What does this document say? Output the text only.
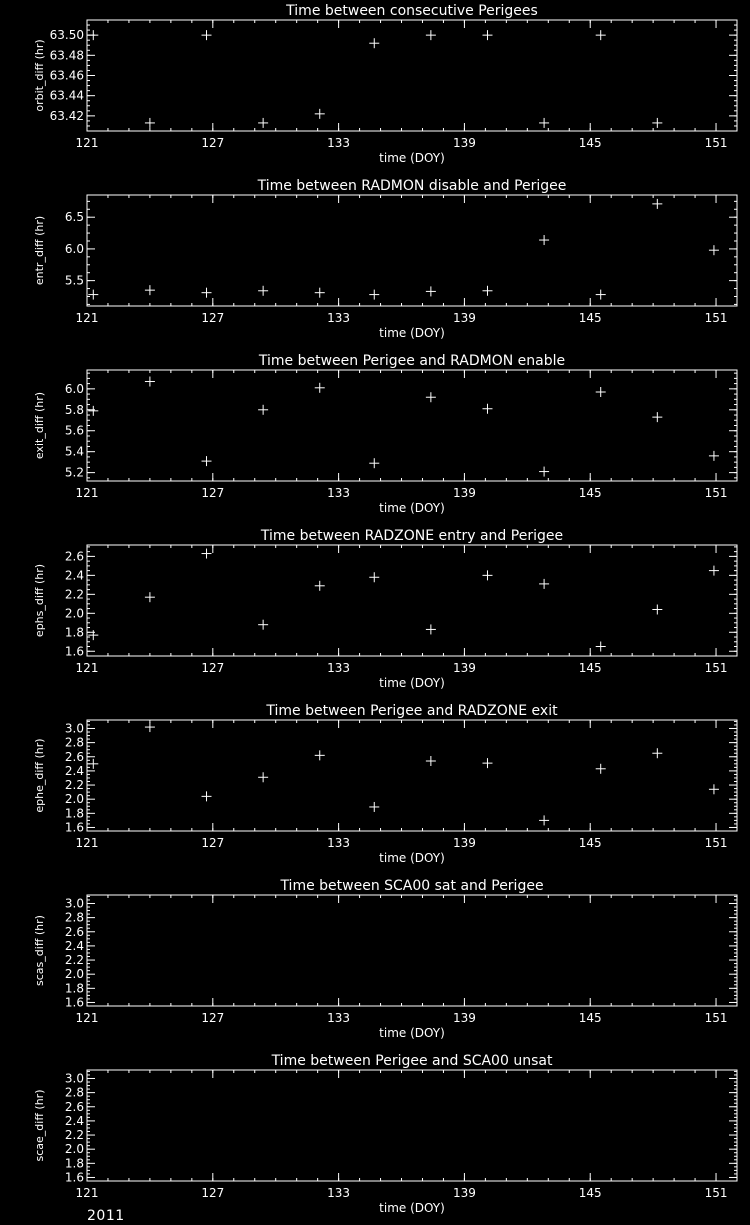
Time between consecutive Perigees
121	127	133	139	145	151
63.42
63.44
63.46
63.48
63.50
time (DOY)
orbit_diff (hr)
Time between RADMON disable and Perigee
121	127	133	139	145	151
5.5
6.0
6.5
time (DOY)
entr_diff (hr)
Time between Perigee and RADMON enable
121	127	133	139	145	151
5.2
5.4
5.6
5.8
6.0
time (DOY)
exit_diff (hr)
Time between RADZONE entry and Perigee
121	127	133	139	145	151
1.6
1.8
2.0
2.2
2.4
2.6
time (DOY)
ephs_diff (hr)
Time between Perigee and RADZONE exit
121	127	133	139	145	151
1.6
1.8
2.0
2.2
2.4
2.6
2.8
3.0
time (DOY)
ephe_diff (hr)
Time between SCA00 sat and Perigee
121	127	133	139	145	151
1.6
1.8
2.0
2.2
2.4
2.6
2.8
3.0
time (DOY)
scas_diff (hr)
Time between Perigee and SCA00 unsat
121	127	133	139	145	151
1.6
1.8
2.0
2.2
2.4
2.6
2.8
3.0
time (DOY)
scae_diff (hr)
2011
